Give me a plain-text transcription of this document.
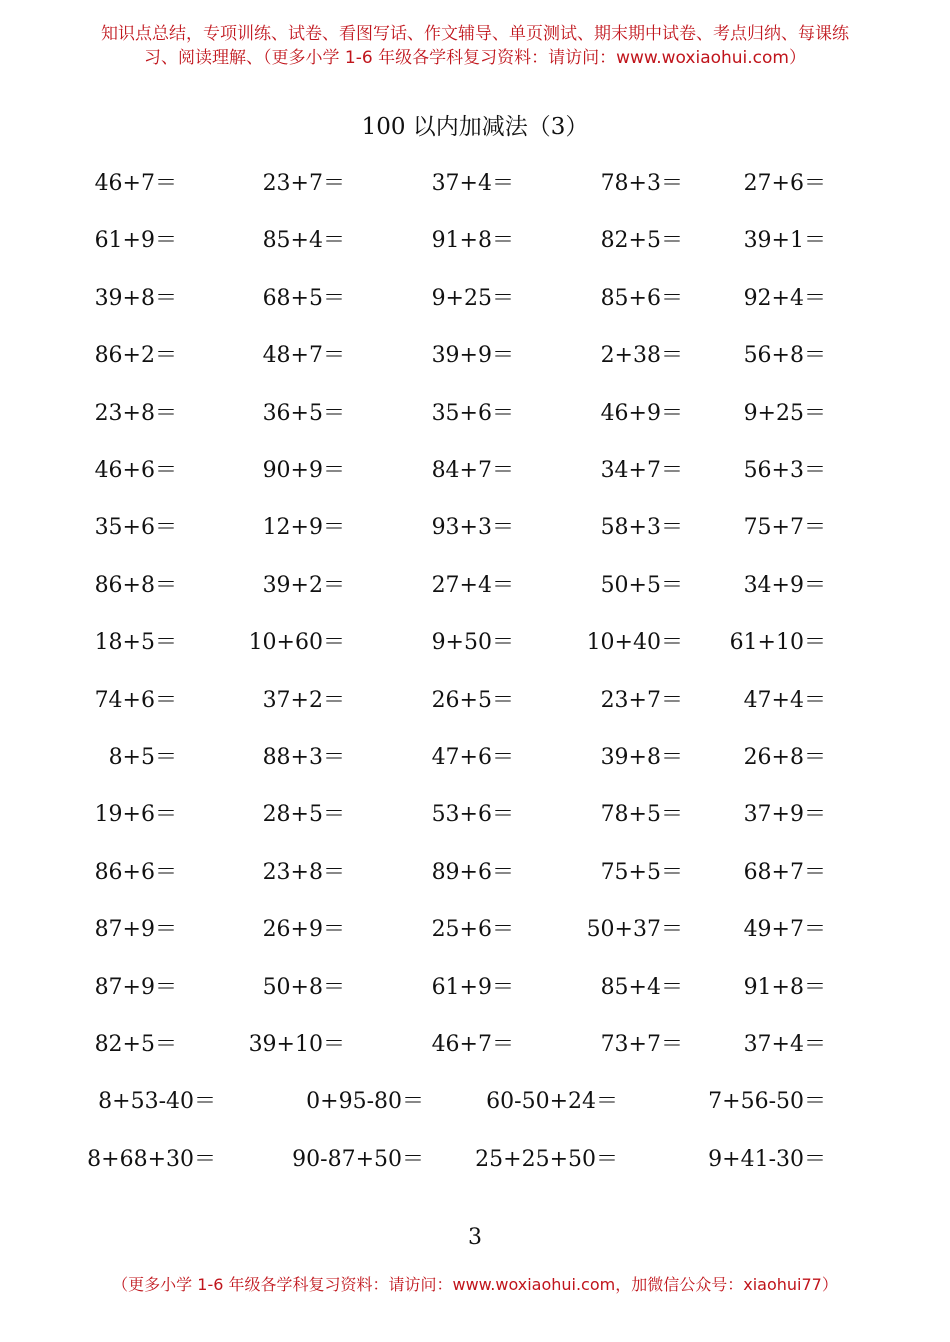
知识点总结，专项训练、试卷、看图写话、作文辅导、单页测试、期末期中试卷、考点归纳、每课练
习、阅读理解、（更多小学 1-6 年级各学科复习资料：请访问：www.woxiaohui.com）
100 以内加减法（3）
46+7＝	23+7＝	37+4＝	78+3＝	27+6＝
61+9＝	85+4＝	91+8＝	82+5＝	39+1＝
39+8＝	68+5＝	9+25＝	85+6＝	92+4＝
86+2＝	48+7＝	39+9＝	2+38＝	56+8＝
23+8＝	36+5＝	35+6＝	46+9＝	9+25＝
46+6＝	90+9＝	84+7＝	34+7＝	56+3＝
35+6＝	12+9＝	93+3＝	58+3＝	75+7＝
86+8＝	39+2＝	27+4＝	50+5＝	34+9＝
18+5＝	10+60＝	9+50＝	10+40＝ 61+10＝
74+6＝	37+2＝	26+5＝	23+7＝	47+4＝
8+5＝	88+3＝	47+6＝	39+8＝	26+8＝
19+6＝	28+5＝	53+6＝	78+5＝	37+9＝
86+6＝	23+8＝	89+6＝	75+5＝	68+7＝
87+9＝	26+9＝	25+6＝	50+37＝	49+7＝
87+9＝	50+8＝	61+9＝	85+4＝	91+8＝
82+5＝	39+10＝	46+7＝	73+7＝	37+4＝
8+53-40＝	0+95-80＝	60-50+24＝	7+56-50＝
8+68+30＝	90-87+50＝ 25+25+50＝	9+41-30＝
3
（更多小学 1-6 年级各学科复习资料：请访问：www.woxiaohui.com，加微信公众号：xiaohui77）
